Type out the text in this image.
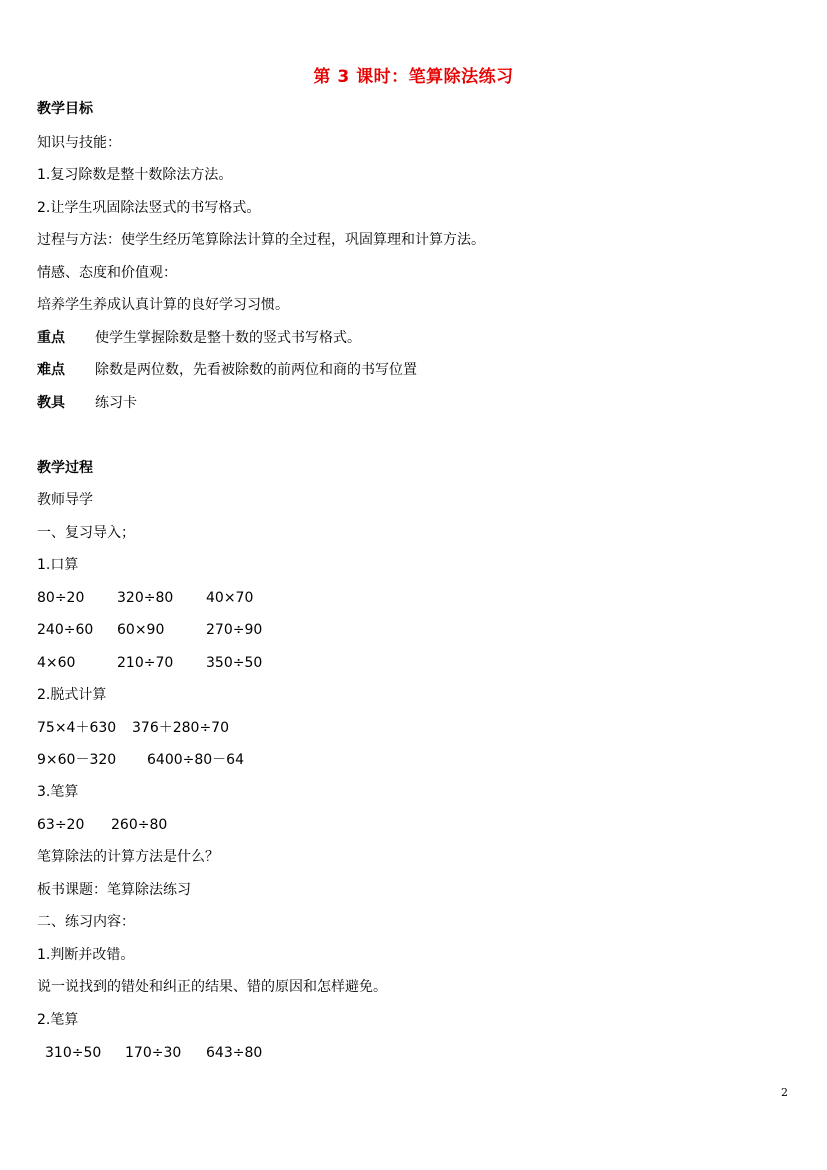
第 3 课时：笔算除法练习
教学目标
知识与技能：
1.复习除数是整十数除法方法。
2.让学生巩固除法竖式的书写格式。
过程与方法：使学生经历笔算除法计算的全过程，巩固算理和计算方法。
情感、态度和价值观：
培养学生养成认真计算的良好学习习惯。
重点 使学生掌握除数是整十数的竖式书写格式。
难点 除数是两位数，先看被除数的前两位和商的书写位置
教具 练习卡
教学过程
教师导学
一、复习导入；
1.口算
80÷20 320÷80 40×70
240÷60 60×90	270÷90
4×60	210÷70 350÷50
2.脱式计算
75×4＋630 376＋280÷70
9×60－320 6400÷80－64
3.笔算
63÷20 260÷80
笔算除法的计算方法是什么？
板书课题：笔算除法练习
二、练习内容：
1.判断并改错。
说一说找到的错处和纠正的结果、错的原因和怎样避免。
2.笔算
310÷50 170÷30 643÷80
2
